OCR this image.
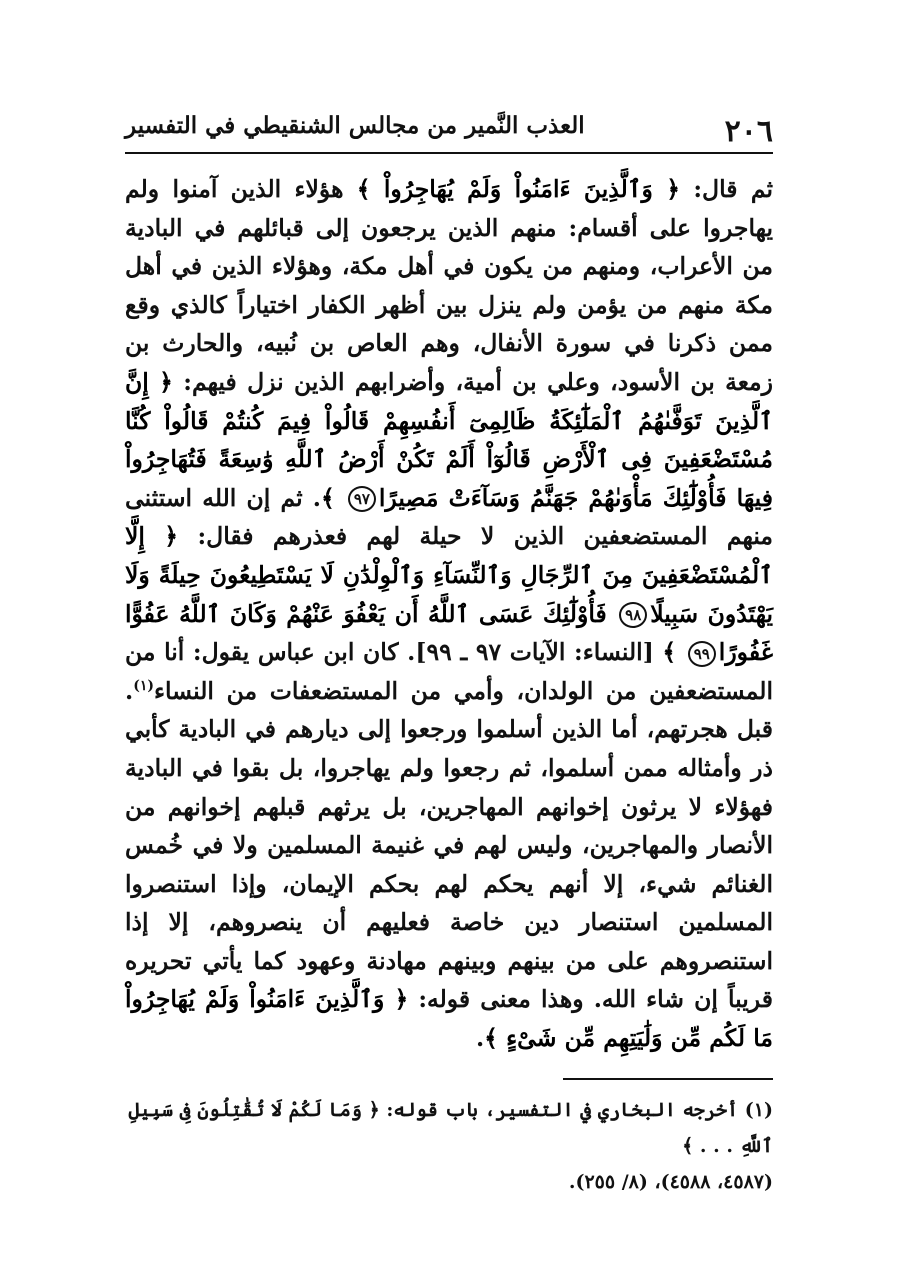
٢٠٦
العذب النَّمير من مجالس الشنقيطي في التفسير

ثم قال: ﴿ وَٱلَّذِينَ ءَامَنُواْ وَلَمْ يُهَاجِرُواْ ﴾ هؤلاء الذين آمنوا ولم يهاجروا على أقسام: منهم الذين يرجعون إلى قبائلهم في البادية من الأعراب، ومنهم من يكون في أهل مكة، وهؤلاء الذين في أهل مكة منهم من يؤمن ولم ينزل بين أظهر الكفار اختياراً كالذي وقع ممن ذكرنا في سورة الأنفال، وهم العاص بن نُبيه، والحارث بن زمعة بن الأسود، وعلي بن أمية، وأضرابهم الذين نزل فيهم: ﴿ إِنَّ ٱلَّذِينَ تَوَفَّىٰهُمُ ٱلْمَلَٰٓئِكَةُ ظَالِمِىٓ أَنفُسِهِمْ قَالُواْ فِيمَ كُنتُمْ قَالُواْ كُنَّا مُسْتَضْعَفِينَ فِى ٱلْأَرْضِ قَالُوٓاْ أَلَمْ تَكُنْ أَرْضُ ٱللَّهِ وَٰسِعَةً فَتُهَاجِرُواْ فِيهَا فَأُوْلَٰٓئِكَ مَأْوَىٰهُمْ جَهَنَّمُ وَسَآءَتْ مَصِيرًا٩٧ ﴾. ثم إن الله استثنى منهم المستضعفين الذين لا حيلة لهم فعذرهم فقال: ﴿ إِلَّا ٱلْمُسْتَضْعَفِينَ مِنَ ٱلرِّجَالِ وَٱلنِّسَآءِ وَٱلْوِلْدَٰنِ لَا يَسْتَطِيعُونَ حِيلَةً وَلَا يَهْتَدُونَ سَبِيلًا٩٨ فَأُوْلَٰٓئِكَ عَسَى ٱللَّهُ أَن يَعْفُوَ عَنْهُمْ وَكَانَ ٱللَّهُ عَفُوًّا غَفُورًا٩٩ ﴾ [النساء: الآيات ٩٧ ـ ٩٩]. كان ابن عباس يقول: أنا من المستضعفين من الولدان، وأمي من المستضعفات من النساء$^{(١)}$. قبل هجرتهم، أما الذين أسلموا ورجعوا إلى ديارهم في البادية كأبي ذر وأمثاله ممن أسلموا، ثم رجعوا ولم يهاجروا، بل بقوا في البادية فهؤلاء لا يرثون إخوانهم المهاجرين، بل يرثهم قبلهم إخوانهم من الأنصار والمهاجرين، وليس لهم في غنيمة المسلمين ولا في خُمس الغنائم شيء، إلا أنهم يحكم لهم بحكم الإيمان، وإذا استنصروا المسلمين استنصار دين خاصة فعليهم أن ينصروهم، إلا إذا استنصروهم على من بينهم وبينهم مهادنة وعهود كما يأتي تحريره قريباً إن شاء الله. وهذا معنى قوله: ﴿ وَٱلَّذِينَ ءَامَنُواْ وَلَمْ يُهَاجِرُواْ مَا لَكُم مِّن وَلَٰيَتِهِم مِّن شَىْءٍ ﴾.

(١) أخرجه البخاري في التفسير، باب قوله: ﴿ وَمَا لَكُمْ لَا تُقَٰتِلُونَ فِى سَبِيلِ ٱللَّهِ . . . ﴾

(٤٥٨٧، ٤٥٨٨)، (٨/ ٢٥٥).
